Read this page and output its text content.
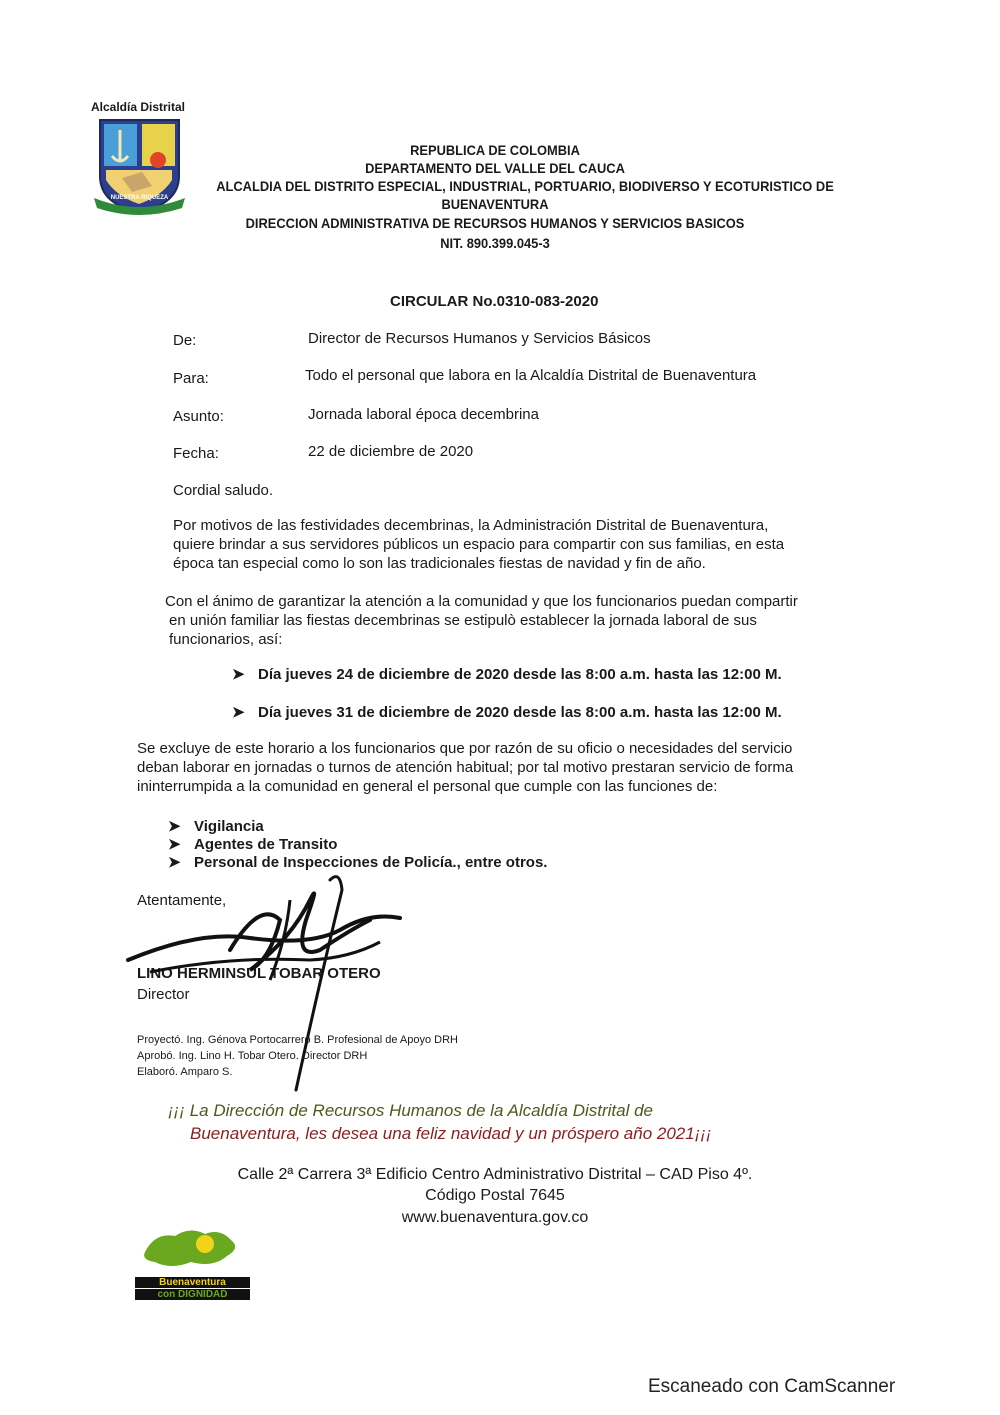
Alcaldía Distrital
NUESTRA RIQUEZA
REPUBLICA DE COLOMBIA
DEPARTAMENTO DEL VALLE DEL CAUCA
ALCALDIA DEL DISTRITO ESPECIAL, INDUSTRIAL, PORTUARIO, BIODIVERSO Y ECOTURISTICO DE
BUENAVENTURA
DIRECCION ADMINISTRATIVA DE RECURSOS HUMANOS Y SERVICIOS BASICOS
NIT. 890.399.045-3
CIRCULAR No.0310-083-2020
De:	Director de Recursos Humanos y Servicios Básicos
Para:	Todo el personal que labora en la Alcaldía Distrital de Buenaventura
Asunto:	Jornada laboral época decembrina
Fecha:	22 de diciembre de 2020
Cordial saludo.
Por motivos de las festividades decembrinas, la Administración Distrital de Buenaventura,
quiere brindar a sus servidores públicos un espacio para compartir con sus familias, en esta
época tan especial como lo son las tradicionales fiestas de navidad y fin de año.
Con el ánimo de garantizar la atención a la comunidad y que los funcionarios puedan compartir
en unión familiar las fiestas decembrinas se estipulò establecer la jornada laboral de sus
funcionarios, así:
➤ Día jueves 24 de diciembre de 2020 desde las 8:00 a.m. hasta las 12:00 M.
➤ Día jueves 31 de diciembre de 2020 desde las 8:00 a.m. hasta las 12:00 M.
Se excluye de este horario a los funcionarios que por razón de su oficio o necesidades del servicio
deban laborar en jornadas o turnos de atención habitual; por tal motivo prestaran servicio de forma
ininterrumpida a la comunidad en general el personal que cumple con las funciones de:
➤ Vigilancia
➤ Agentes de Transito
➤ Personal de Inspecciones de Policía., entre otros.
Atentamente,
LINO HERMINSUL TOBAR OTERO
Director
Proyectó. Ing. Génova Portocarrero B. Profesional de Apoyo DRH
Aprobó. Ing. Lino H. Tobar Otero. Director DRH
Elaboró. Amparo S.
¡¡¡ La Dirección de Recursos Humanos de la Alcaldía Distrital de
Buenaventura, les desea una feliz navidad y un próspero año 2021¡¡¡
Calle 2ª Carrera 3ª Edificio Centro Administrativo Distrital – CAD Piso 4º.
Código Postal 7645
www.buenaventura.gov.co
Buenaventura
con DIGNIDAD
Escaneado con CamScanner
